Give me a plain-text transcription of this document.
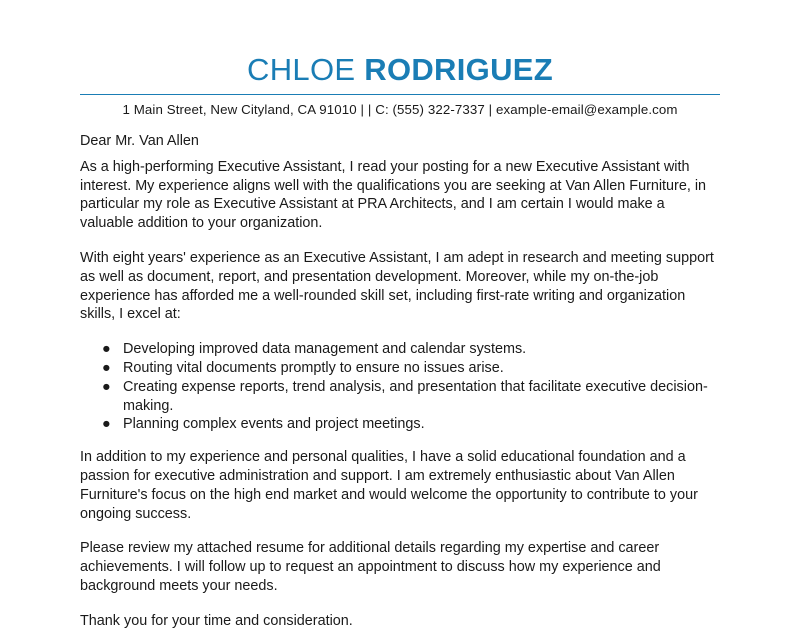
CHLOE RODRIGUEZ
1 Main Street, New Cityland, CA 91010 | | C: (555) 322-7337 | example-email@example.com

Dear Mr. Van Allen

As a high-performing Executive Assistant, I read your posting for a new Executive Assistant with interest. My experience aligns well with the qualifications you are seeking at Van Allen Furniture, in particular my role as Executive Assistant at PRA Architects, and I am certain I would make a valuable addition to your organization.

With eight years' experience as an Executive Assistant, I am adept in research and meeting support as well as document, report, and presentation development. Moreover, while my on-the-job experience has afforded me a well-rounded skill set, including first-rate writing and organization skills, I excel at:

● Developing improved data management and calendar systems.
● Routing vital documents promptly to ensure no issues arise.
● Creating expense reports, trend analysis, and presentation that facilitate executive decision-making.
● Planning complex events and project meetings.

In addition to my experience and personal qualities, I have a solid educational foundation and a passion for executive administration and support. I am extremely enthusiastic about Van Allen Furniture's focus on the high end market and would welcome the opportunity to contribute to your ongoing success.

Please review my attached resume for additional details regarding my expertise and career achievements. I will follow up to request an appointment to discuss how my experience and background meets your needs.

Thank you for your time and consideration.
